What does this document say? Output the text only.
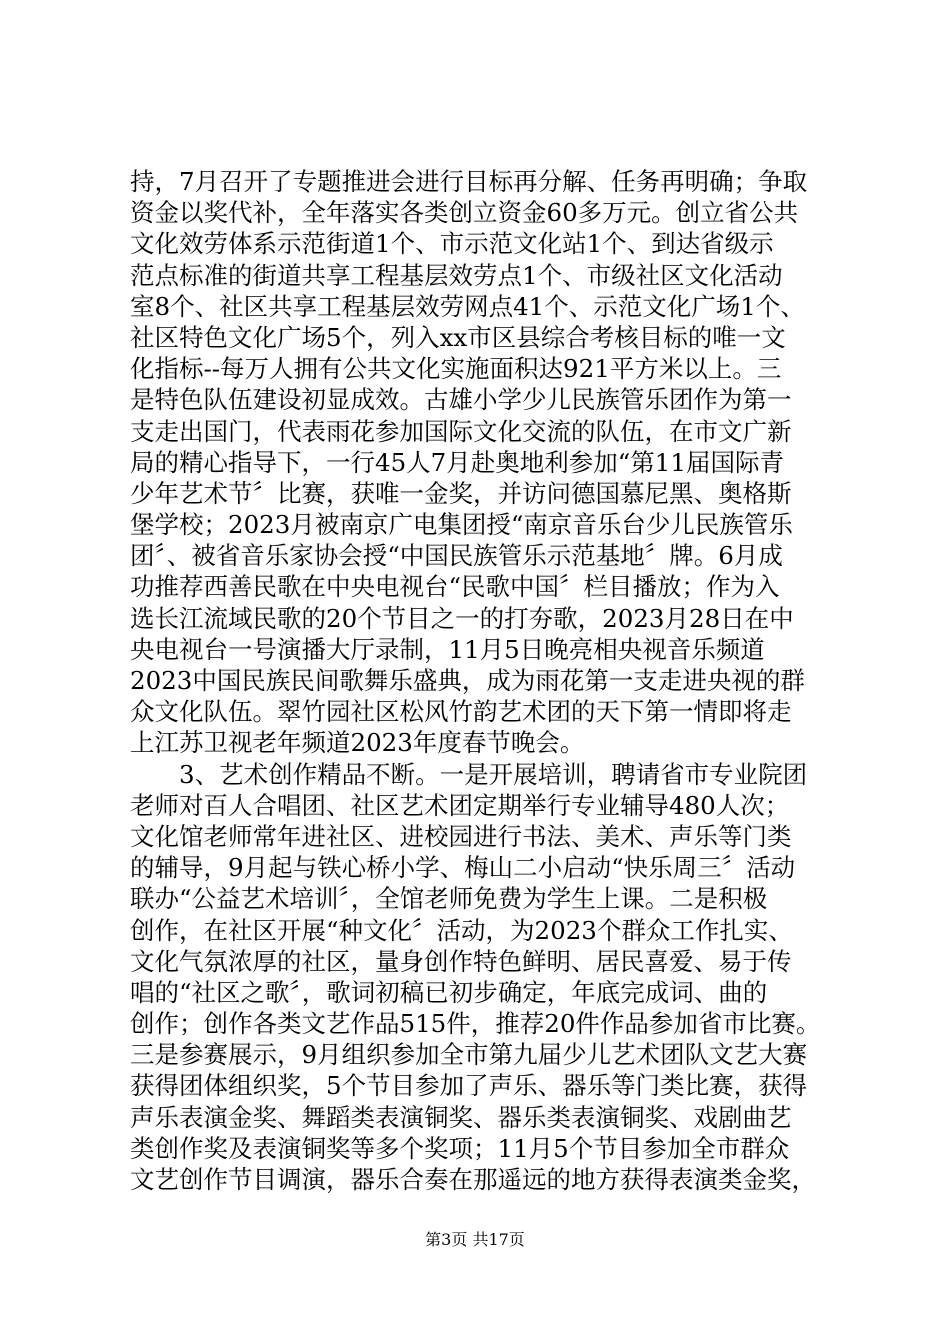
持，7月召开了专题推进会进行目标再分解、任务再明确；争取
资金以奖代补，全年落实各类创立资金60多万元。创立省公共
文化效劳体系示范街道1个、市示范文化站1个、到达省级示
范点标准的街道共享工程基层效劳点1个、市级社区文化活动
室8个、社区共享工程基层效劳网点41个、示范文化广场1个、
社区特色文化广场5个，列入xx市区县综合考核目标的唯一文
化指标--每万人拥有公共文化实施面积达921平方米以上。三
是特色队伍建设初显成效。古雄小学少儿民族管乐团作为第一
支走出国门，代表雨花参加国际文化交流的队伍，在市文广新
局的精心指导下，一行45人7月赴奥地利参加“第11届国际青
少年艺术节〞比赛，获唯一金奖，并访问德国慕尼黑、奥格斯
堡学校；2023月被南京广电集团授“南京音乐台少儿民族管乐
团〞、被省音乐家协会授“中国民族管乐示范基地〞牌。6月成
功推荐西善民歌在中央电视台“民歌中国〞栏目播放；作为入
选长江流域民歌的20个节目之一的打夯歌，2023月28日在中
央电视台一号演播大厅录制，11月5日晚亮相央视音乐频道
2023中国民族民间歌舞乐盛典，成为雨花第一支走进央视的群
众文化队伍。翠竹园社区松风竹韵艺术团的天下第一情即将走
上江苏卫视老年频道2023年度春节晚会。
3、艺术创作精品不断。一是开展培训，聘请省市专业院团
老师对百人合唱团、社区艺术团定期举行专业辅导480人次；
文化馆老师常年进社区、进校园进行书法、美术、声乐等门类
的辅导，9月起与铁心桥小学、梅山二小启动“快乐周三〞活动
联办“公益艺术培训〞，全馆老师免费为学生上课。二是积极
创作，在社区开展“种文化〞活动，为2023个群众工作扎实、
文化气氛浓厚的社区，量身创作特色鲜明、居民喜爱、易于传
唱的“社区之歌〞，歌词初稿已初步确定，年底完成词、曲的
创作；创作各类文艺作品515件，推荐20件作品参加省市比赛。
三是参赛展示，9月组织参加全市第九届少儿艺术团队文艺大赛
获得团体组织奖，5个节目参加了声乐、器乐等门类比赛，获得
声乐表演金奖、舞蹈类表演铜奖、器乐类表演铜奖、戏剧曲艺
类创作奖及表演铜奖等多个奖项；11月5个节目参加全市群众
文艺创作节目调演，器乐合奏在那遥远的地方获得表演类金奖，
第3页 共17页
